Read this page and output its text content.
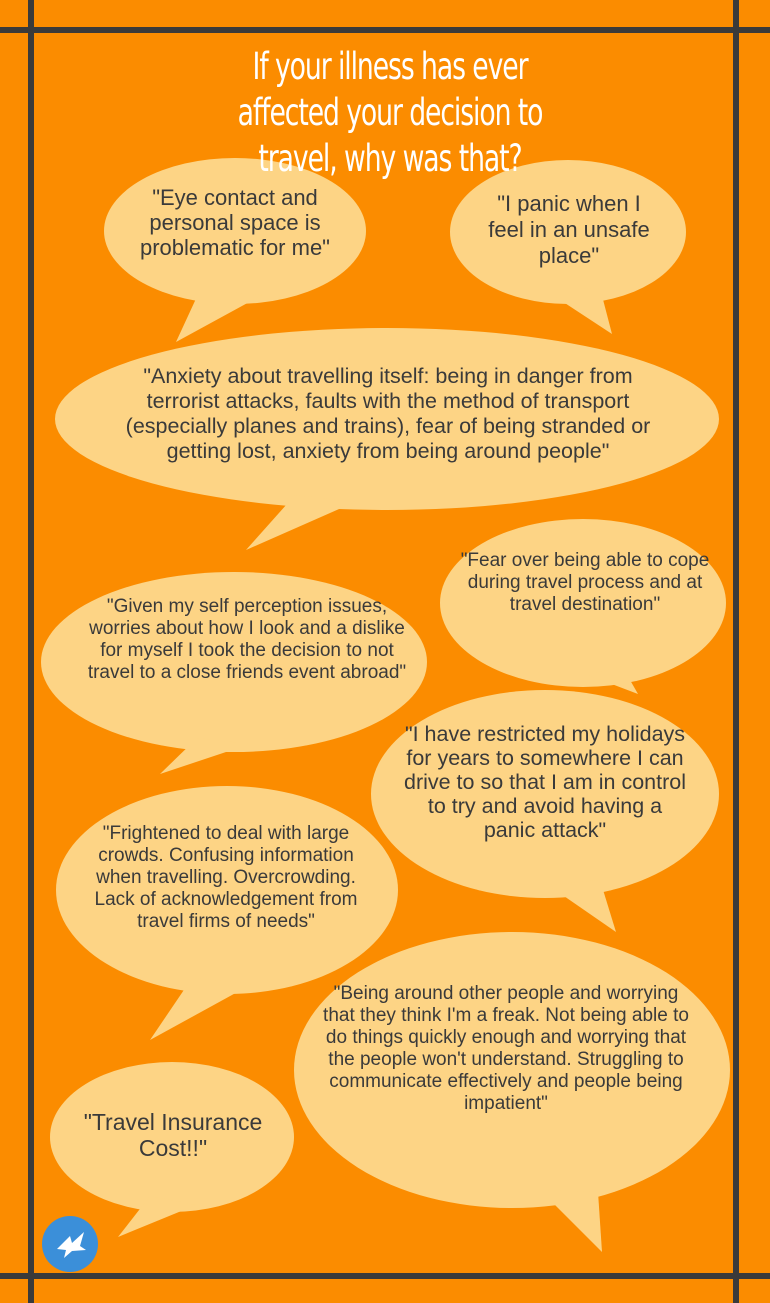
If your illness has ever affected your decision to travel, why was that?
"Eye contact and personal space is problematic for me"
"I panic when I feel in an unsafe place"
"Anxiety about travelling itself: being in danger from terrorist attacks, faults with the method of transport (especially planes and trains), fear of being stranded or getting lost, anxiety from being around people"
"Fear over being able to cope during travel process and at travel destination"
"Given my self perception issues, worries about how I look and a dislike for myself I took the decision to not travel to a close friends event abroad"
"I have restricted my holidays for years to somewhere I can drive to so that I am in control to try and avoid having a panic attack"
"Frightened to deal with large crowds. Confusing information when travelling. Overcrowding. Lack of acknowledgement from travel firms of needs"
"Being around other people and worrying that they think I'm a freak. Not being able to do things quickly enough and worrying that the people won't understand. Struggling to communicate effectively and people being impatient"
"Travel Insurance Cost!!"
